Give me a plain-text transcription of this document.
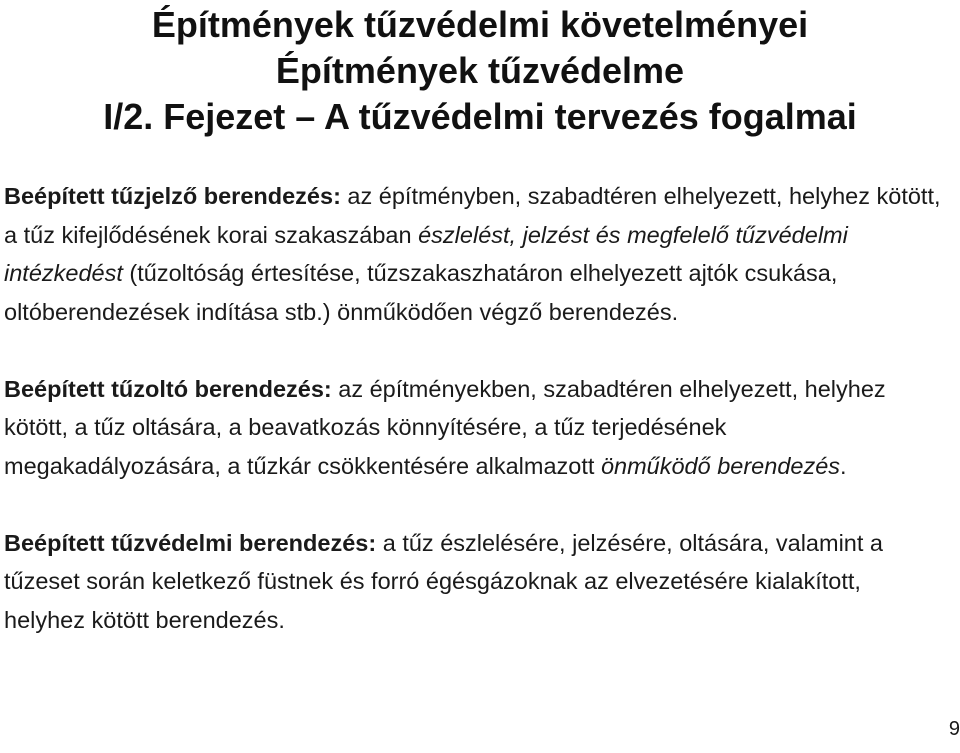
Építmények tűzvédelmi követelményei
Építmények tűzvédelme
I/2. Fejezet – A tűzvédelmi tervezés fogalmai

Beépített tűzjelző berendezés: az építményben, szabadtéren elhelyezett, helyhez kötött, a tűz kifejlődésének korai szakaszában észlelést, jelzést és megfelelő tűzvédelmi intézkedést (tűzoltóság értesítése, tűzszakaszhatáron elhelyezett ajtók csukása, oltóberendezések indítása stb.) önműködően végző berendezés.

Beépített tűzoltó berendezés: az építményekben, szabadtéren elhelyezett, helyhez kötött, a tűz oltására, a beavatkozás könnyítésére, a tűz terjedésének megakadályozására, a tűzkár csökkentésére alkalmazott önműködő berendezés.

Beépített tűzvédelmi berendezés: a tűz észlelésére, jelzésére, oltására, valamint a tűzeset során keletkező füstnek és forró égésgázoknak az elvezetésére kialakított, helyhez kötött berendezés.

9
